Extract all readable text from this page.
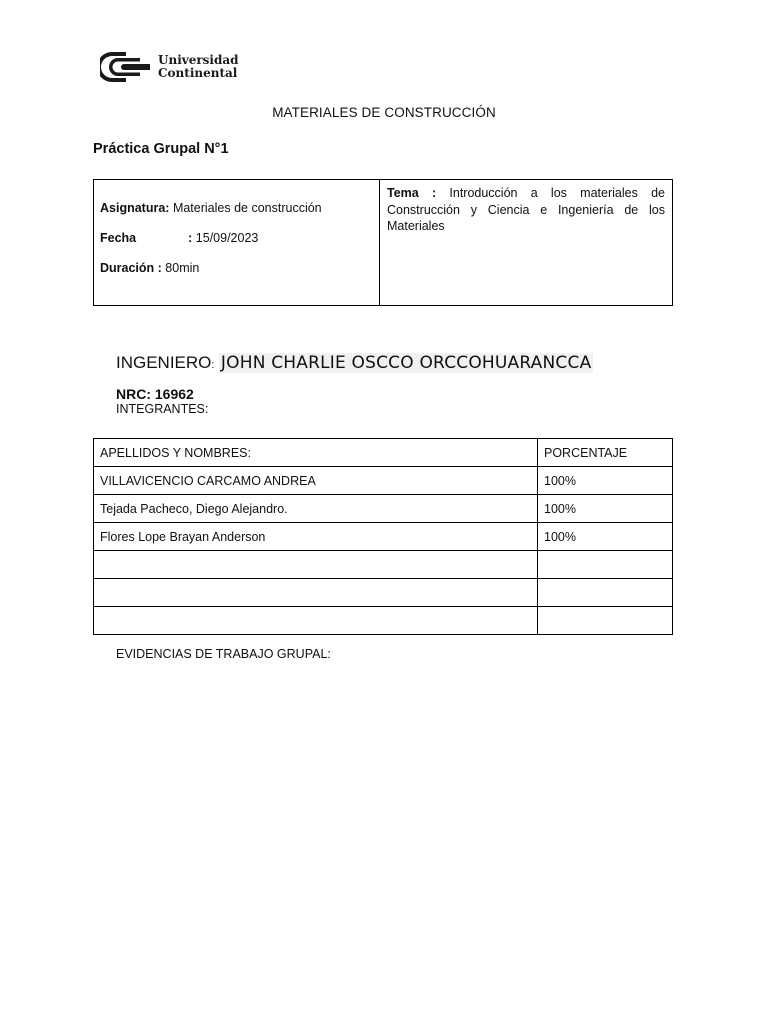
Universidad
Continental
MATERIALES DE CONSTRUCCIÓN
Práctica Grupal N°1
Asignatura: Materiales de construcción
Fecha	: 15/09/2023
Duración : 80min
Tema : Introducción a los materiales de Construcción y Ciencia e Ingeniería de los Materiales
INGENIERO: JOHN CHARLIE OSCCO ORCCOHUARANCCA
NRC: 16962
INTEGRANTES:
APELLIDOS Y NOMBRES:	PORCENTAJE
VILLAVICENCIO CARCAMO ANDREA	100%
Tejada Pacheco, Diego Alejandro.	100%
Flores Lope Brayan Anderson	100%

EVIDENCIAS DE TRABAJO GRUPAL:
